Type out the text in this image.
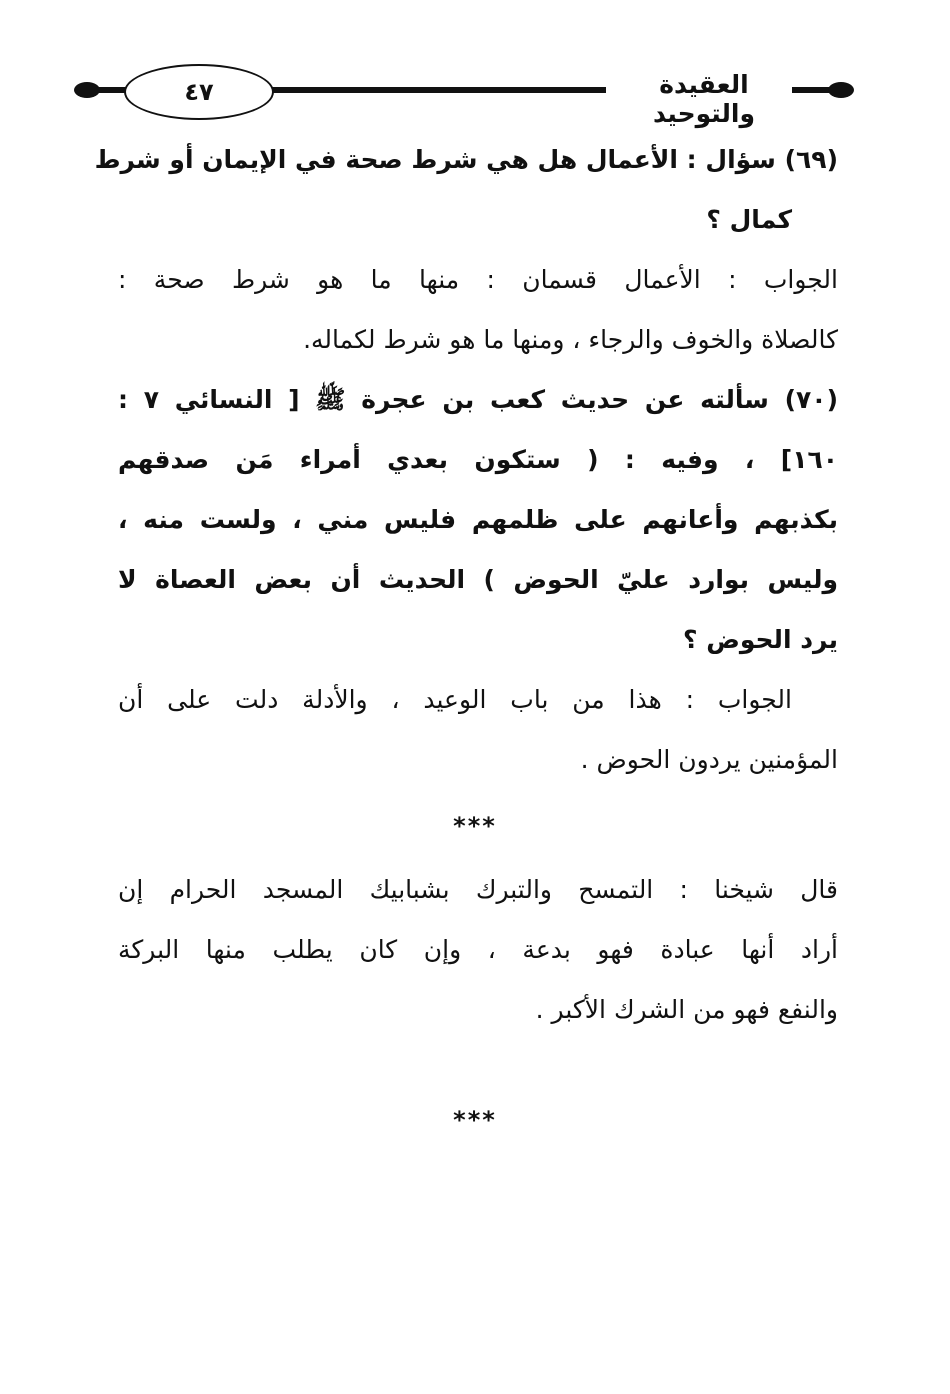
٤٧	العقيدة والتوحيد
(٦٩) سؤال : الأعمال هل هي شرط صحة في الإيمان أو شرط
كمال ؟
الجواب : الأعمال قسمان : منها ما هو شرط صحة :
كالصلاة والخوف والرجاء ، ومنها ما هو شرط لكماله.
(٧٠) سألته عن حديث كعب بن عجرة ﷺ [ النسائي ٧ :
١٦٠] ، وفيه : ( ستكون بعدي أمراء مَن صدقهم
بكذبهم وأعانهم على ظلمهم فليس مني ، ولست منه ،
وليس بوارد عليّ الحوض ) الحديث أن بعض العصاة لا
يرد الحوض ؟
الجواب : هذا من باب الوعيد ، والأدلة دلت على أن
المؤمنين يردون الحوض .
***
قال شيخنا : التمسح والتبرك بشبابيك المسجد الحرام إن
أراد أنها عبادة فهو بدعة ، وإن كان يطلب منها البركة
والنفع فهو من الشرك الأكبر .
***
